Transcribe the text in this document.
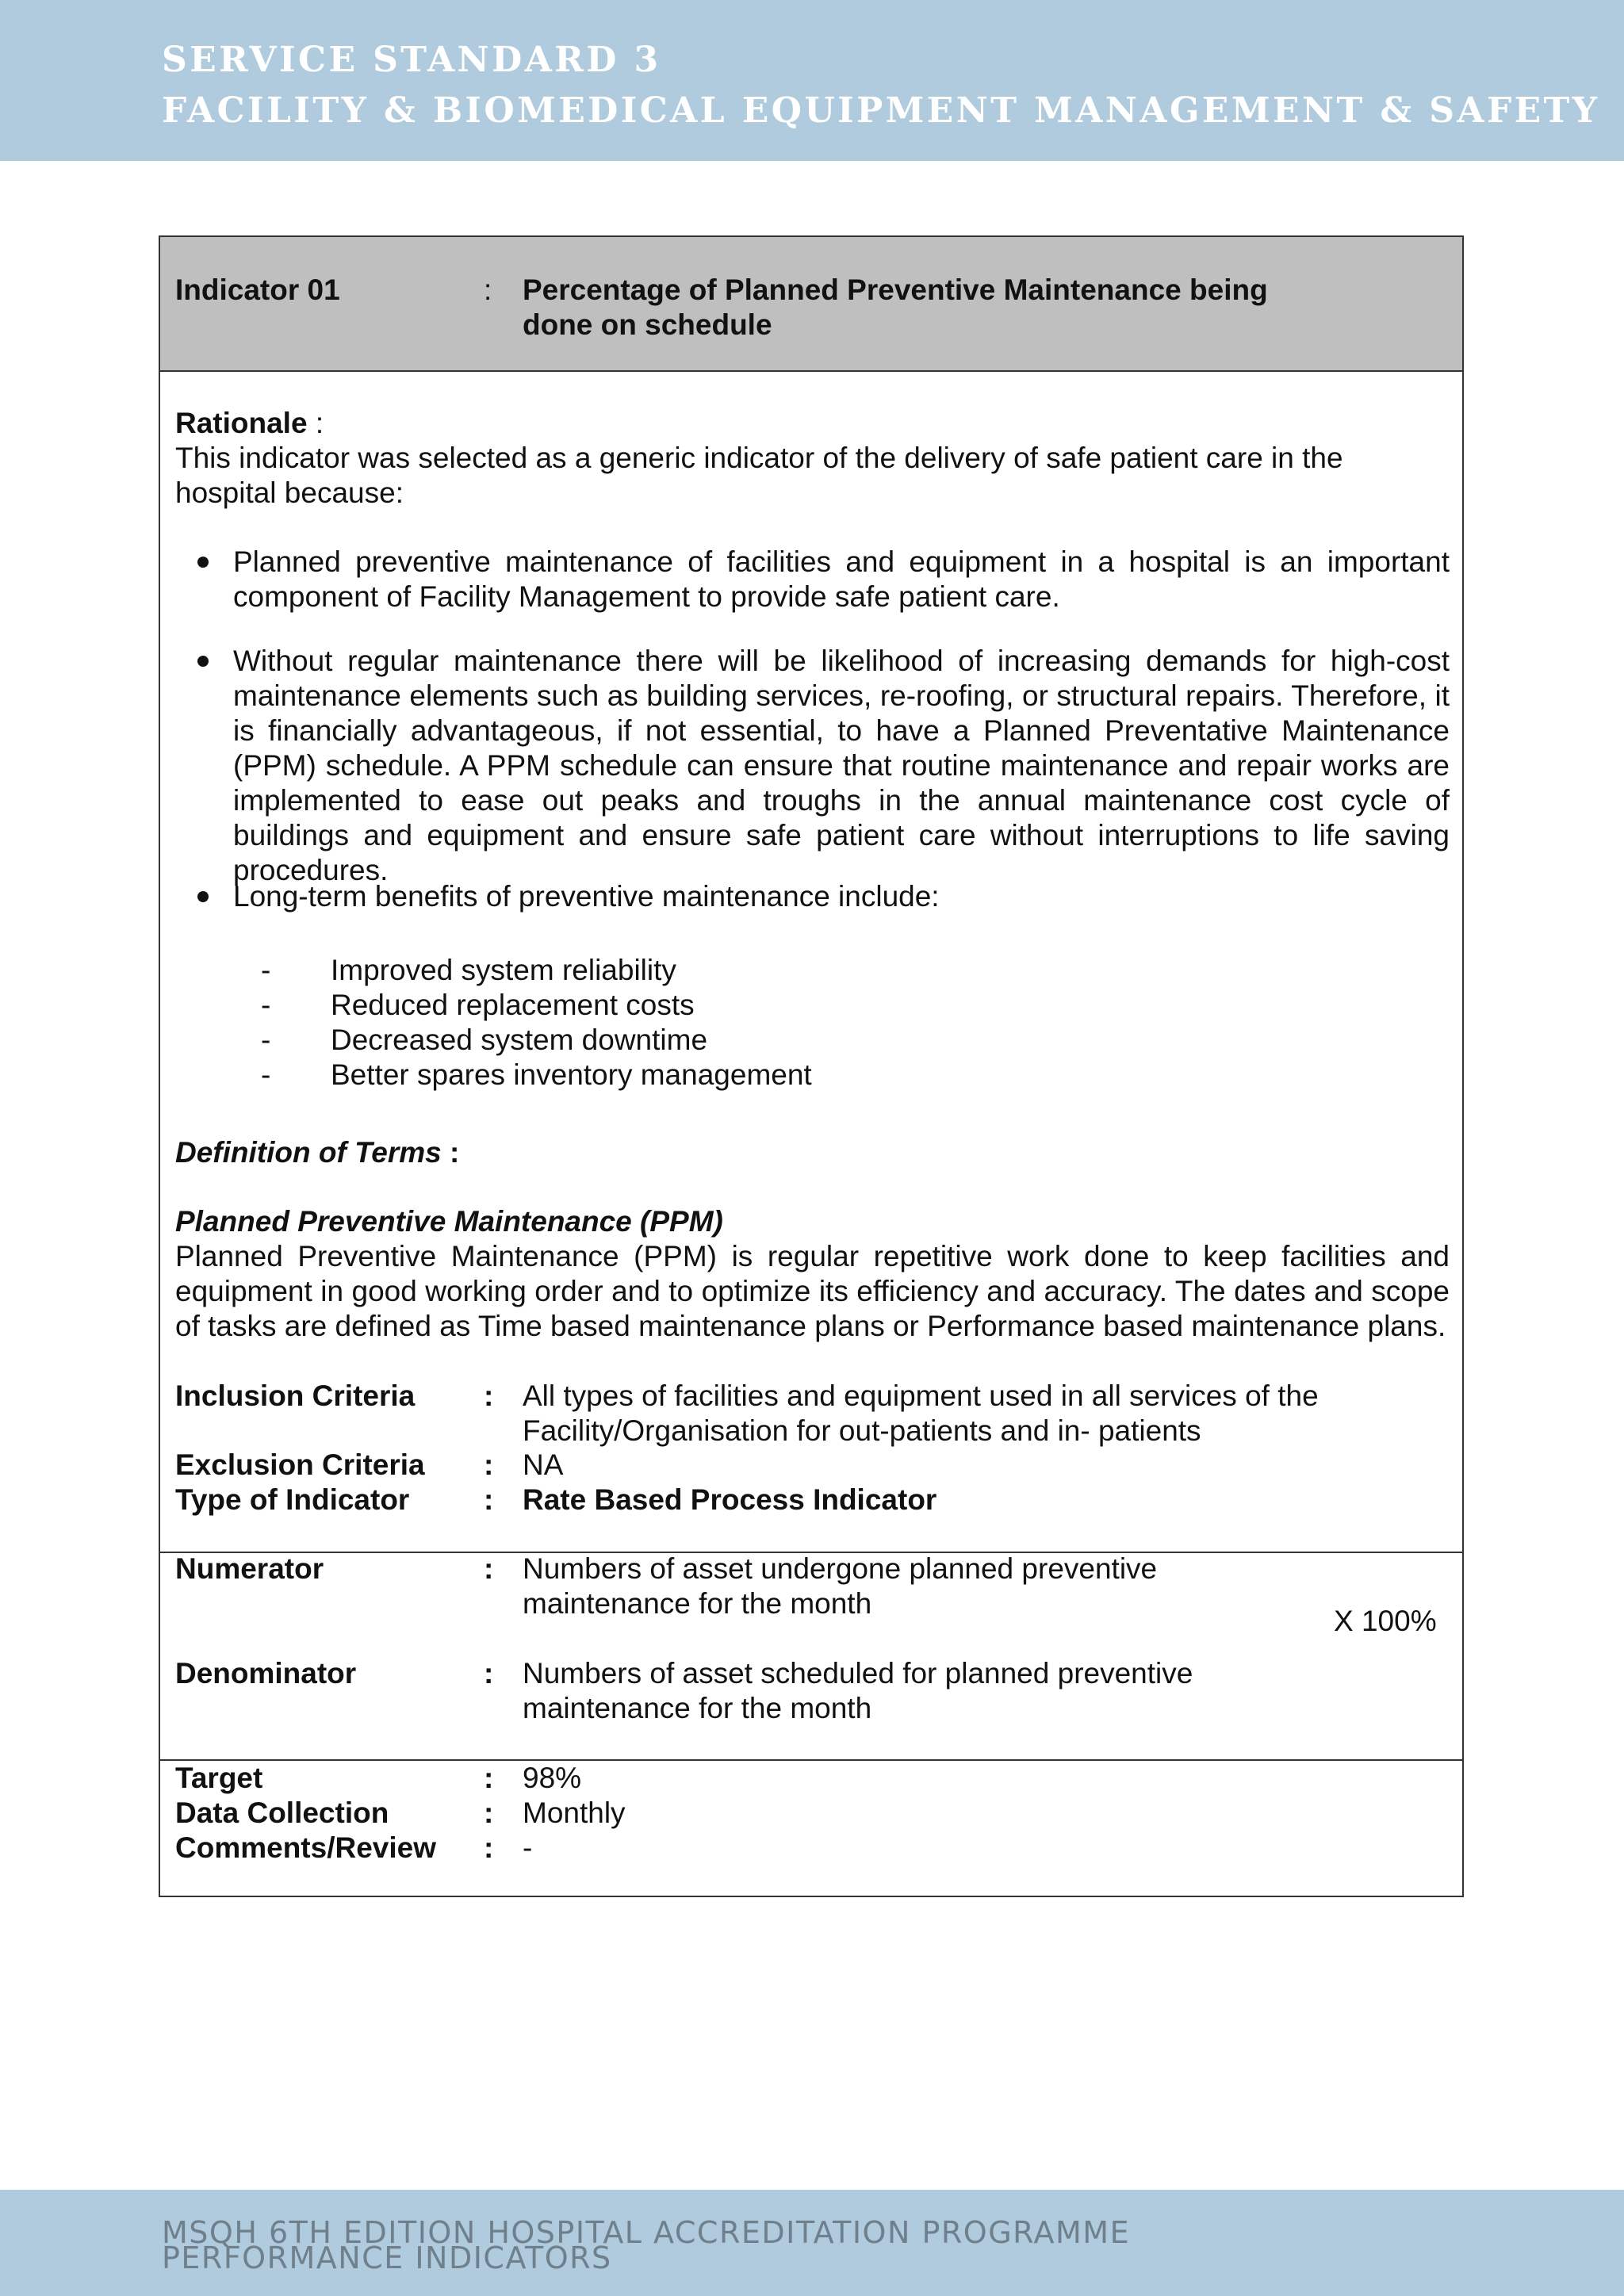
SERVICE STANDARD 3
FACILITY & BIOMEDICAL EQUIPMENT MANAGEMENT & SAFETY
Indicator 01	: Percentage of Planned Preventive Maintenance being done on schedule
Rationale :
This indicator was selected as a generic indicator of the delivery of safe patient care in the hospital because:
Planned preventive maintenance of facilities and equipment in a hospital is an important component of Facility Management to provide safe patient care.
Without regular maintenance there will be likelihood of increasing demands for high-cost maintenance elements such as building services, re-roofing, or structural repairs. Therefore, it is financially advantageous, if not essential, to have a Planned Preventative Maintenance (PPM) schedule. A PPM schedule can ensure that routine maintenance and repair works are implemented to ease out peaks and troughs in the annual maintenance cost cycle of buildings and equipment and ensure safe patient care without interruptions to life saving procedures.
Long-term benefits of preventive maintenance include:
- Improved system reliability
- Reduced replacement costs
- Decreased system downtime
- Better spares inventory management
Definition of Terms :
Planned Preventive Maintenance (PPM)
Planned Preventive Maintenance (PPM) is regular repetitive work done to keep facilities and equipment in good working order and to optimize its efficiency and accuracy. The dates and scope of tasks are defined as Time based maintenance plans or Performance based maintenance plans.
Inclusion Criteria : All types of facilities and equipment used in all services of the Facility/Organisation for out-patients and in- patients
Exclusion Criteria : NA
Type of Indicator	: Rate Based Process Indicator
Numerator	: Numbers of asset undergone planned preventive maintenance for the month
X 100%
Denominator	: Numbers of asset scheduled for planned preventive maintenance for the month
Target	: 98%
Data Collection	: Monthly
Comments/Review : -
MSQH 6TH EDITION HOSPITAL ACCREDITATION PROGRAMME
PERFORMANCE INDICATORS
